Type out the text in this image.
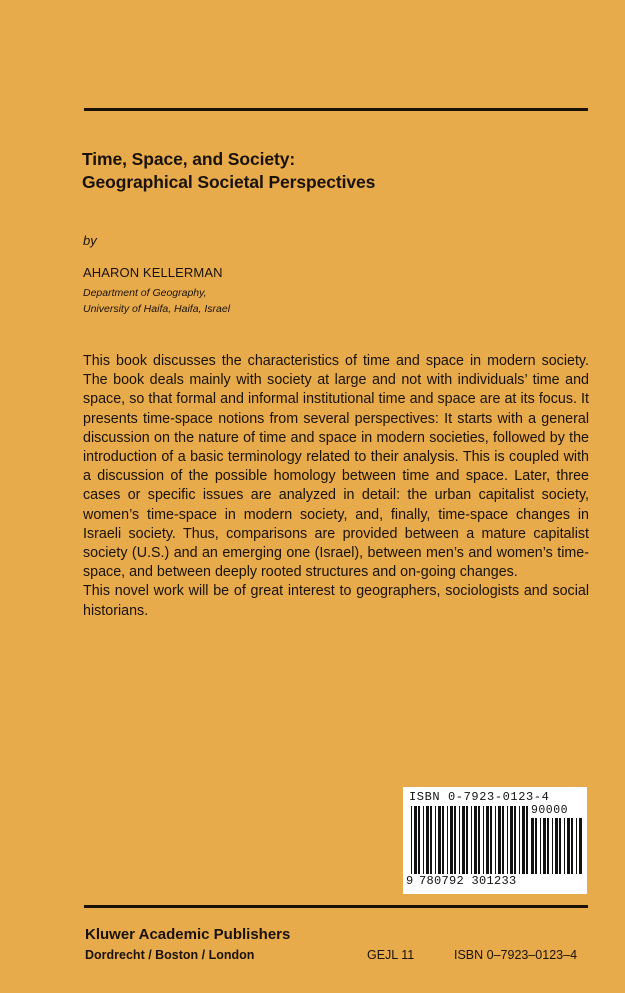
Time, Space, and Society:
Geographical Societal Perspectives
by
AHARON KELLERMAN
Department of Geography,
University of Haifa, Haifa, Israel

This book discusses the characteristics of time and space in modern society. The book deals mainly with society at large and not with individuals’ time and space, so that formal and informal institutional time and space are at its focus. It presents time-space notions from several perspectives: It starts with a general discussion on the nature of time and space in modern societies, followed by the introduction of a basic terminology related to their analysis. This is coupled with a discussion of the possible homology between time and space. Later, three cases or specific issues are analyzed in detail: the urban capitalist society, women’s time-space in modern society, and, finally, time-space changes in Israeli society. Thus, comparisons are provided between a mature capitalist society (U.S.) and an emerging one (Israel), between men’s and women’s time-space, and between deeply rooted structures and on-going changes.

This novel work will be of great interest to geographers, sociologists and social historians.

ISBN 0-7923-0123-4
90000
9 780792 301233
Kluwer Academic Publishers
Dordrecht / Boston / London	GEJL 11	ISBN 0–7923–0123–4
